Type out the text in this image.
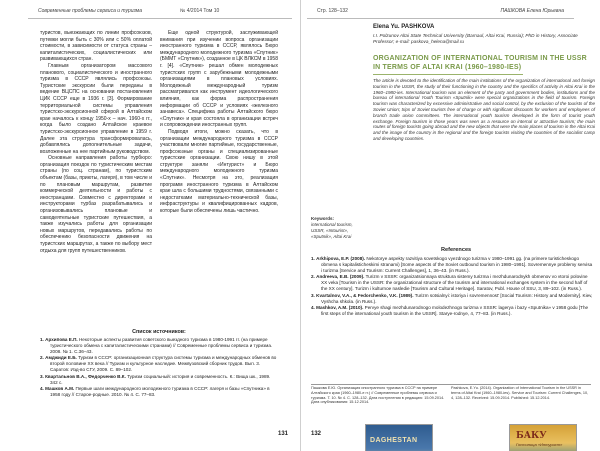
Современные проблемы сервиса и туризма	№ 4/2014 Том 10

туристов, выезжающих по линии профсоюзов, путевки могли быть с 30% или с 50% оплатой стоимости, в зависимости от статуса страны – капиталистических, социалистических или развивающихся стран.

Главным организатором массового планового, социалистического и иностранного туризма в СССР являлись профсоюзы. Туристские экскурсии были переданы в ведение ВЦСПС на основании постановления ЦИК СССР еще в 1936 г. [3]. Формирование территориальной системы управления туристско-экскурсионной сферой в Алтайском крае началось к концу 1950-х – нач. 1960-х гг., когда было создано Алтайское краевое туристско-экскурсионное управление в 1959 г. Далее эта структура трансформировалась, добавлялись дополнительные задачи, возложенные на нее партийным руководством.

Основные направления работы турбюро: организация поездок по туристическим местам страны (по соц. странам), по туристским объектам (базы, приюты, лагеря), в том числе и по плановым маршрутам, развитие коммерческой деятельности и работы с иностранцами. Совместно с директорами и инструкторами турбаз разрабатывались и организовывались плановые и самодеятельные туристские путешествия, а также изучались работы для организации новых маршрутов, передавались работы по обеспечению безопасности движения на туристских маршрутах, а также по выбору мест отдыха для групп путешественников.

Еще одной структурой, заслуживающей внимания при изучении вопроса организации иностранного туризма в СССР, являлось Бюро международного молодежного туризма «Спутник» (БММТ «Спутник»), созданное в ЦК ВЛКСМ в 1958 г. [4]. «Спутник» решал обмен молодежных туристских групп с зарубежными молодежными организациями в плановых условиях. Молодежный международный туризм рассматривался как инструмент идеологического влияния, как форма распространения информации об СССР и условиях «железного занавеса». Специфика работы Алтайского бюро «Спутник» и края состояла в организации встреч и сопровождении иностранных групп.

Подводя итоги, можно сказать, что в организации международного туризма в СССР участвовали многие партийные, государственные, профсоюзные органы и специализированные туристские организации. Свою нишу в этой структуре заняли «Интурист» и Бюро международного молодежного туризма «Спутник». Несмотря на это, реализация программ иностранного туризма в Алтайском крае шла с большими трудностями, связанными с недостатками материально-технической базы, инфраструктуры и квалифицированных кадров, которые были обеспечены лишь частично.

Список источников:
1. Архипова Е.П. Некоторые аспекты развития советского выездного туризма в 1980-1991 гг. (на примере туристического обмена с капиталистическими странами) // Современные проблемы сервиса и туризма. 2008. № 1. С.36–43.
2. Амджиди Е.Б. Туризм в СССР: организационная структура системы туризма и международных обменов во второй половине XX века // Туризм и культурное наследие. Межвузовский сборник трудов. Вып. 3. Саратов: Изд-во СГУ, 2009. С. 89–102.
3. Квартальнов В.А., Федорченко В.К. Туризм социальный: история и современность. К.: Вища шк., 1989. 342 с.
4. Машков А.М. Первые шаги международного молодежного туризма в СССР: лагеря и базы «Спутника» в 1958 году // Старое-родные. 2010. № 4. С. 77–83.
131
Стр. 128–132	ПАШКОВА Елена Юрьевна
Elena Yu. PASHKOVA
I.I. Polzunov Altai State Technical University (Barnaul, Altai Krai, Russia); PhD in History, Associate Professor; e-mail: paskova_helena@mail.ru
ORGANIZATION OF INTERNATIONAL TOURISM IN THE USSR IN TERMS OF ALTAI KRAI (1960–1980-IES)
The article is devoted to the identification of the main institutions of the organization of international and foreign tourism in the USSR, the study of their functioning in the country and the specifics of activity in Altai Krai in the 1960–1980-ies. International tourism was an element of the party and government bodies, institutions and the bureau of international Youth Tourism «Sputnik» were special organizations in the field of tourism. Foreign tourism was characterized by excessive administrative and social control, by the exclusion of the tourists of the Soviet Union; trips of Soviet tourists free of charge or with significant discounts for workers and employees of branch trade union committees. The international youth tourism developed in the form of tourist youth exchange. Foreign tourism in those years was seen as a resource on internal or attractive tourism; the main routes of foreign tourists going abroad and the new objects that were the main places of tourism in the Altai Krai and the image of the country in the regional and the foreign tourists visiting the countries of the socialist camp and developing countries.
Keywords:
international tourism, USSR, «Intourist», «Sputnik», Altai Krai
References
1. Arkhipova, E.P. (2008). Nekotorye aspekty razvitiya sovetskogo vyezdnogo turizma v 1980–1991 gg. (na primere turisticheskogo obmena s kapitalisticheskimi stranami) [Some aspects of the Soviet outbound tourism in 1980–1991]. Sovremennye problemy servisa i turizma [Service and Tourism: Current Challenges], 1, 36–43. (in Russ.).
2. Andreeva, E.B. (2009). Turizm v SSSR: organizatsionnaya struktura sistemy turizma i mezhdunarodnykh obmenov vo vtoroi polovine XX veka [Tourism in the USSR: the organizational structure of the tourism and international exchanges system in the second half of the XX century]. Turizm i kulturnoe nasledie [Tourism and Cultural Heritage]. Saratov, Publ. House of SSU, 3, 89–102. (in Russ.).
3. Kvartalnov, V.A., & Fedorchenko, V.K. (1989). Turizm sotsialnyi: istoriya i sovremennost' [Social Tourism: History and Modernity]. Kiev, Vyshcha shkola. (in Russ.).
4. Mashkov, A.M. (2010). Pervye shagi mezhdunarodnogo molodezhnogo turizma v SSSR: lagerya i bazy «Sputnika» v 1958 godu [The first steps of the international youth tourism in the USSR]. Starye-rodnye, 4, 77–83. (in Russ.).
Пашкова Е.Ю. Организация иностранного туризма в СССР на примере Алтайского края (1960–1980-е гг.) // Современные проблемы сервиса и туризма. Т. 10. № 4. С. 128–132. Дата поступления в редакцию: 15.09.2014. Дата опубликования: 15.12.2014.
Pashkova, E.Yu. (2014). Organization of International Tourism in the USSR in terms of Altai Krai (1960–1980-ies). Service and Tourism: Current Challenges, 10, 4, 128–132. Received: 15.09.2014. Published: 15.12.2014.
DAGHESTAN	БАКУ
Гостиница «Интурист»
132
